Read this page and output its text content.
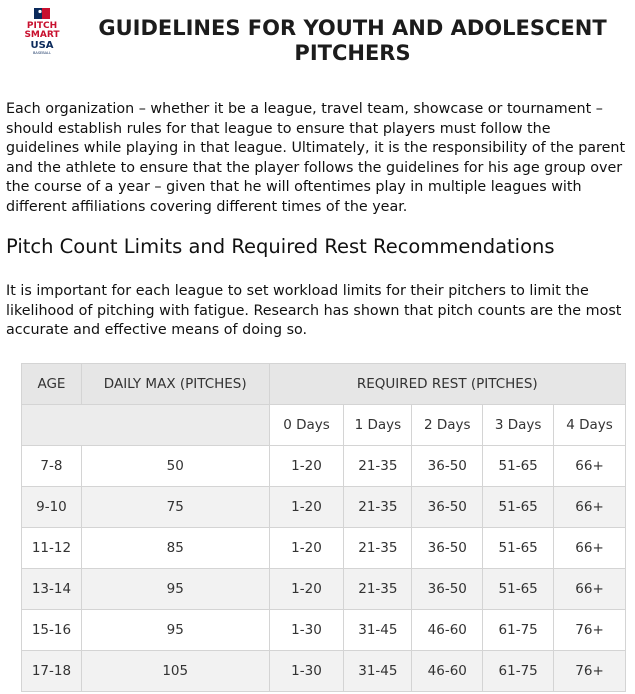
PITCH
SMART
USA
BASEBALL
GUIDELINES FOR YOUTH AND ADOLESCENT PITCHERS

Each organization – whether it be a league, travel team, showcase or tournament – should establish rules for that league to ensure that players must follow the guidelines while playing in that league. Ultimately, it is the responsibility of the parent and the athlete to ensure that the player follows the guidelines for his age group over the course of a year – given that he will oftentimes play in multiple leagues with different affiliations covering different times of the year.

Pitch Count Limits and Required Rest Recommendations

It is important for each league to set workload limits for their pitchers to limit the likelihood of pitching with fatigue. Research has shown that pitch counts are the most accurate and effective means of doing so.

AGE	DAILY MAX (PITCHES)	REQUIRED REST (PITCHES)				
		0 Days	1 Days	2 Days	3 Days	4 Days
7-8	50	1-20	21-35	36-50	51-65	66+
9-10	75	1-20	21-35	36-50	51-65	66+
11-12	85	1-20	21-35	36-50	51-65	66+
13-14	95	1-20	21-35	36-50	51-65	66+
15-16	95	1-30	31-45	46-60	61-75	76+
17-18	105	1-30	31-45	46-60	61-75	76+
